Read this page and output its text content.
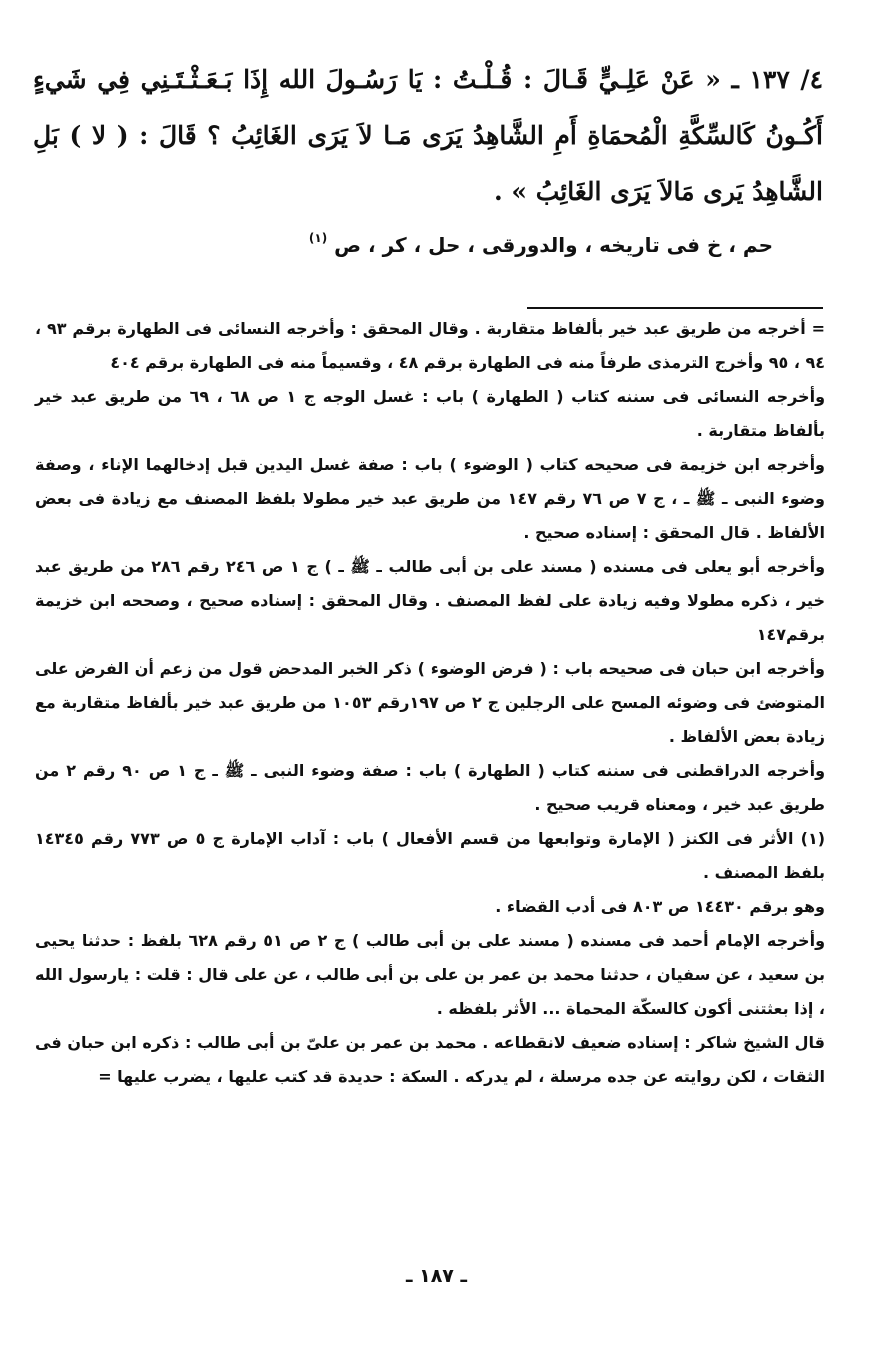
٤/ ١٣٧ ـ « عَنْ عَلِـيٍّ قَـالَ : قُـلْـتُ : يَا رَسُـولَ الله إِذَا بَـعَـثْـتَـنِي فِي شَيءٍ أَكُـونُ كَالسِّكَّةِ الْمُحمَاةِ أَمِ الشَّاهِدُ يَرَى مَـا لاَ يَرَى الغَائِبُ ؟ قَالَ : ( لا ) بَلِ الشَّاهِدُ يَرى مَالاَ يَرَى الغَائِبُ » .

حم ، خ فى تاريخه ، والدورقى ، حل ، كر ، ص $^{(١)}$

= أخرجه من طريق عبد خير بألفاظ متقاربة . وقال المحقق : وأخرجه النسائى فى الطهارة برقم ٩٣ ، ٩٤ ، ٩٥ وأخرج الترمذى طرفاً منه فى الطهارة برقم ٤٨ ، وقسيماً منه فى الطهارة برقم ٤٠٤

وأخرجه النسائى فى سننه كتاب ( الطهارة ) باب : غسل الوجه ج ١ ص ٦٨ ، ٦٩ من طريق عبد خير بألفاظ متقاربة .

وأخرجه ابن خزيمة فى صحيحه كتاب ( الوضوء ) باب : صفة غسل اليدين قبل إدخالهما الإناء ، وصفة وضوء النبى ـ ﷺ ـ ، ج ٧ ص ٧٦ رقم ١٤٧ من طريق عبد خير مطولا بلفظ المصنف مع زيادة فى بعض الألفاظ . قال المحقق : إسناده صحيح .

وأخرجه أبو يعلى فى مسنده ( مسند على بن أبى طالب ـ ﷺ ـ ) ج ١ ص ٢٤٦ رقم ٢٨٦ من طريق عبد خير ، ذكره مطولا وفيه زيادة على لفظ المصنف . وقال المحقق : إسناده صحيح ، وصححه ابن خزيمة برقم١٤٧

وأخرجه ابن حبان فى صحيحه باب : ( فرض الوضوء ) ذكر الخبر المدحض قول من زعم أن الفرض على المتوضئ فى وضوئه المسح على الرجلين ج ٢ ص ١٩٧رقم ١٠٥٣ من طريق عبد خير بألفاظ متقاربة مع زيادة بعض الألفاظ .

وأخرجه الدراقطنى فى سننه كتاب ( الطهارة ) باب : صفة وضوء النبى ـ ﷺ ـ ج ١ ص ٩٠ رقم ٢ من طريق عبد خير ، ومعناه قريب صحيح .

(١) الأثر فى الكنز ( الإمارة وتوابعها من قسم الأفعال ) باب : آداب الإمارة ج ٥ ص ٧٧٣ رقم ١٤٣٤٥ بلفظ المصنف .

وهو برقم ١٤٤٣٠ ص ٨٠٣ فى أدب القضاء .

وأخرجه الإمام أحمد فى مسنده ( مسند على بن أبى طالب ) ج ٢ ص ٥١ رقم ٦٢٨ بلفظ : حدثنا يحيى بن سعيد ، عن سفيان ، حدثنا محمد بن عمر بن على بن أبى طالب ، عن على قال : قلت : يارسول الله ، إذا بعثتنى أكون كالسكّة المحماة ... الأثر بلفظه .

قال الشيخ شاكر : إسناده ضعيف لانقطاعه . محمد بن عمر بن علىّ بن أبى طالب : ذكره ابن حبان فى الثقات ، لكن روايته عن جده مرسلة ، لم يدركه . السكة : حديدة قد كتب عليها ، يضرب عليها =

ـ ١٨٧ ـ
